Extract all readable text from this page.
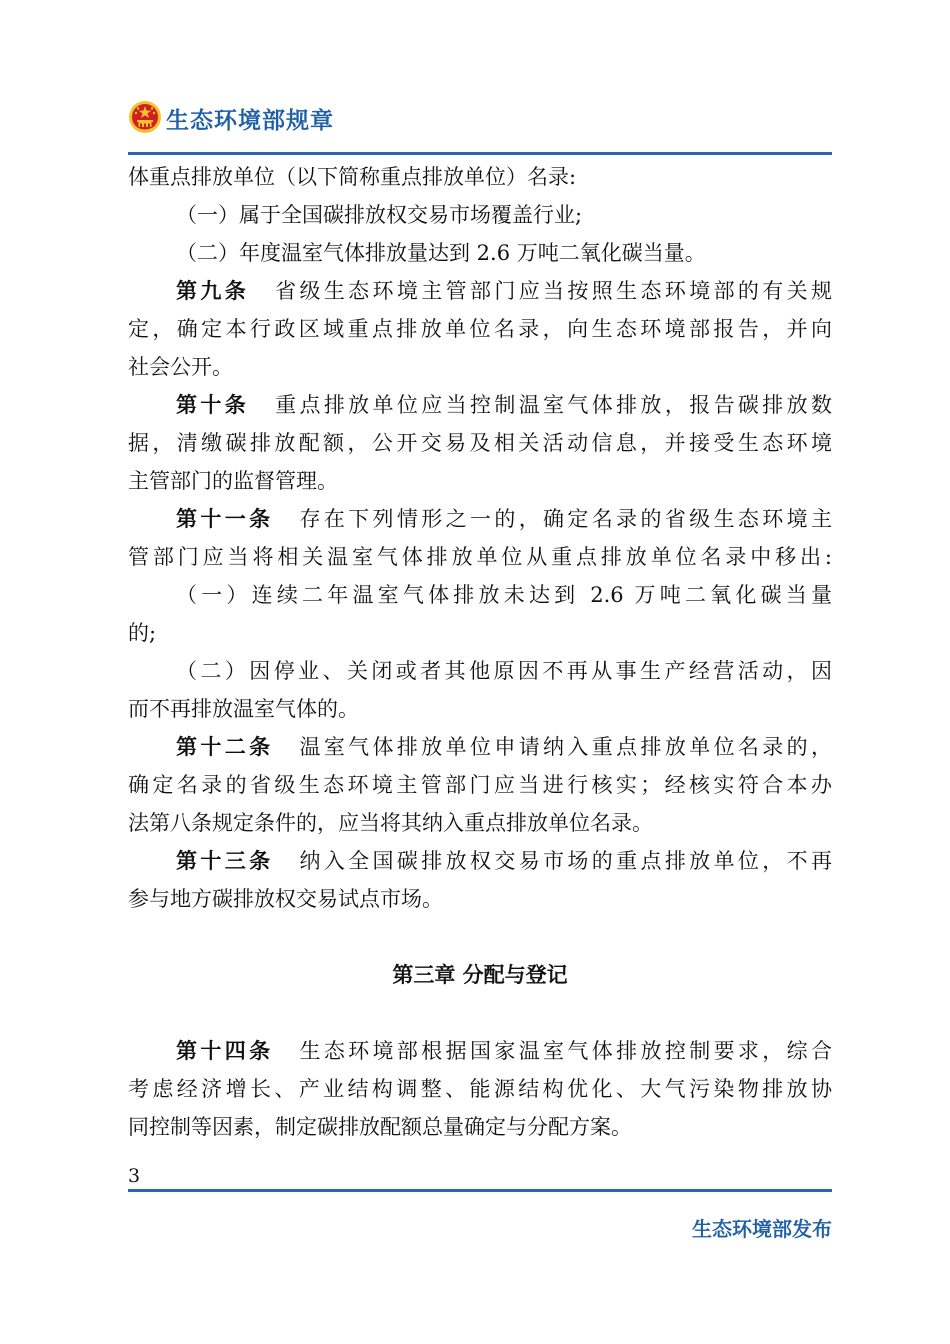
生态环境部规章
体重点排放单位（以下简称重点排放单位）名录:
（一）属于全国碳排放权交易市场覆盖行业;
（二）年度温室气体排放量达到 2.6 万吨二氧化碳当量。
第九条 省级生态环境主管部门应当按照生态环境部的有关规
定，确定本行政区域重点排放单位名录，向生态环境部报告，并向
社会公开。
第十条 重点排放单位应当控制温室气体排放，报告碳排放数
据，清缴碳排放配额，公开交易及相关活动信息，并接受生态环境
主管部门的监督管理。
第十一条 存在下列情形之一的，确定名录的省级生态环境主
管部门应当将相关温室气体排放单位从重点排放单位名录中移出:
（一）连续二年温室气体排放未达到 2.6 万吨二氧化碳当量
的;
（二）因停业、关闭或者其他原因不再从事生产经营活动，因
而不再排放温室气体的。
第十二条 温室气体排放单位申请纳入重点排放单位名录的，
确定名录的省级生态环境主管部门应当进行核实；经核实符合本办
法第八条规定条件的，应当将其纳入重点排放单位名录。
第十三条 纳入全国碳排放权交易市场的重点排放单位，不再
参与地方碳排放权交易试点市场。
第三章 分配与登记
第十四条 生态环境部根据国家温室气体排放控制要求，综合
考虑经济增长、产业结构调整、能源结构优化、大气污染物排放协
同控制等因素，制定碳排放配额总量确定与分配方案。
3
生态环境部发布
